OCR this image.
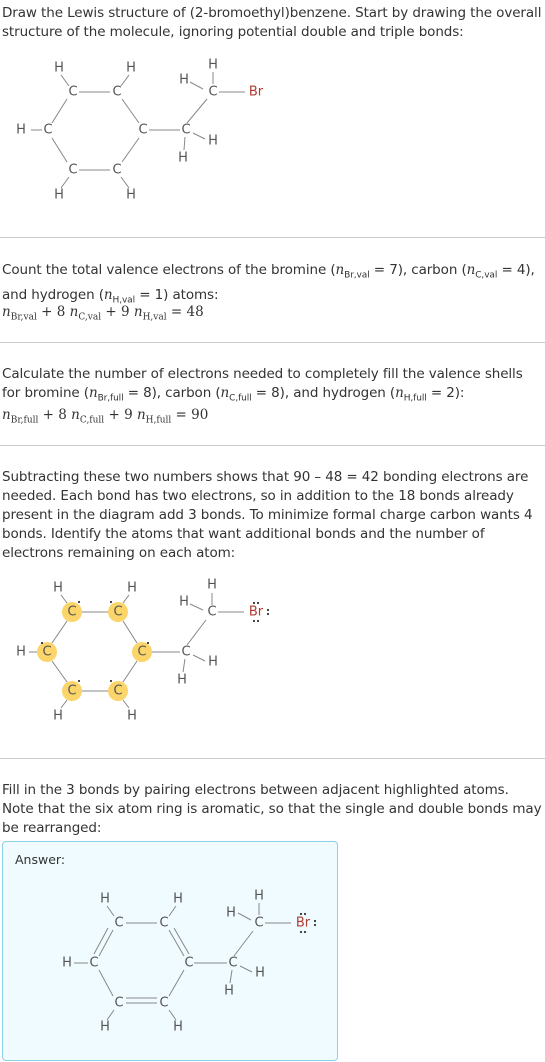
Draw the Lewis structure of (2-bromoethyl)benzene. Start by drawing the overall structure of the molecule, ignoring potential double and triple bonds:
H	H
C	C
H C	C
C	C
H	H
C
H
H
H
H
C Br
Count the total valence electrons of the bromine $(n_{Br,val} = 7)$, carbon $(n_{C,val} = 4)$, and hydrogen $(n_{H,val} = 1)$ atoms:
$n_{Br,val} + 8$ $n_{C,val} + 9$ $n_{H,val} = 48$
Calculate the number of electrons needed to completely fill the valence shells for bromine $(n_{Br,full} = 8)$, carbon $(n_{C,full} = 8)$, and hydrogen $(n_{H,full} = 2)$:
$n_{Br,full} + 8$ $n_{C,full} + 9$ $n_{H,full} = 90$
Subtracting these two numbers shows that 90 – 48 = 42 bonding electrons are needed. Each bond has two electrons, so in addition to the 18 bonds already present in the diagram add 3 bonds. To minimize formal charge carbon wants 4 bonds. Identify the atoms that want additional bonds and the number of electrons remaining on each atom:
H	H
C	C
H C	C
C	C
H	H
C
H
H
H
H
C Br
Fill in the 3 bonds by pairing electrons between adjacent highlighted atoms. Note that the six atom ring is aromatic, so that the single and double bonds may be rearranged:
Answer:
H	H
C	C
H C	C
C	C
H	H
C
H
H
H
H
C Br
